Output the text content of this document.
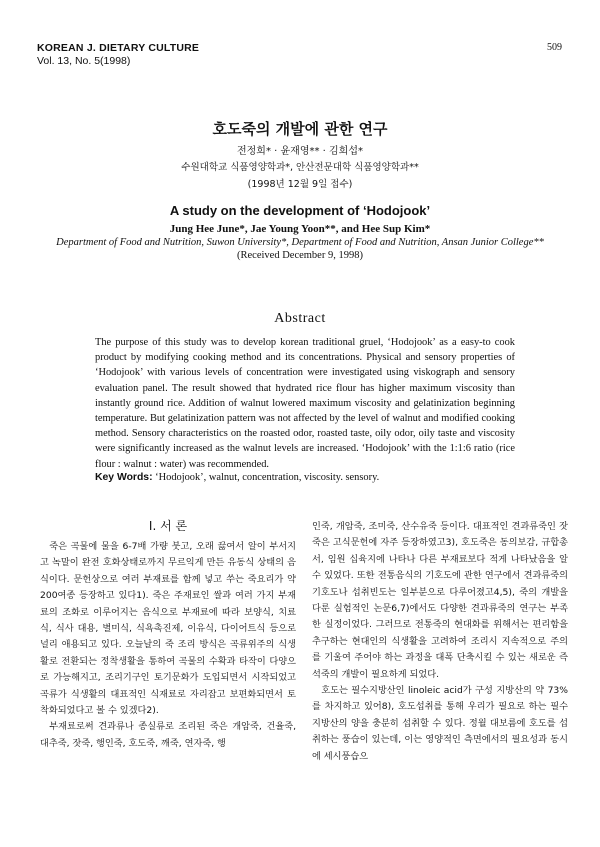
KOREAN J. DIETARY CULTURE
Vol. 13, No. 5(1998)
509
호도죽의 개발에 관한 연구
전정희* · 윤재영** · 김희섭*
수원대학교 식품영양학과*, 안산전문대학 식품영양학과**
(1998년 12월 9일 접수)
A study on the development of ‘Hodojook’
Jung Hee June*, Jae Young Yoon**, and Hee Sup Kim*
Department of Food and Nutrition, Suwon University*, Department of Food and Nutrition, Ansan Junior College**
(Received December 9, 1998)
Abstract

The purpose of this study was to develop korean traditional gruel, ‘Hodojook’ as a easy-to cook product by modifying cooking method and its concentrations. Physical and sensory properties of ‘Hodojook’ with various levels of concentration were investigated using viskograph and sensory evaluation panel. The result showed that hydrated rice flour has higher maximum viscosity than instantly ground rice. Addition of walnut lowered maximum viscosity and gelatinization beginning temperature. But gelatinization pattern was not affected by the level of walnut and modified cooking method. Sensory characteristics on the roasted odor, roasted taste, oily odor, oily taste and viscosity were significantly increased as the walnut levels are increased. ‘Hodojook’ with the 1:1:6 ratio (rice flour : walnut : water) was recommended.

Key Words: ‘Hodojook’, walnut, concentration, viscosity. sensory.
I. 서 론

죽은 곡물에 물을 6-7배 가량 붓고, 오래 끓여서 알이 부서지고 녹말이 완전 호화상태로까지 무르익게 만든 유동식 상태의 음식이다. 문헌상으로 여러 부재료를 함께 넣고 쑤는 죽요리가 약 200여종 등장하고 있다1). 죽은 주재료인 쌀과 여러 가지 부재료의 조화로 이루어지는 음식으로 부재료에 따라 보양식, 치료식, 식사 대용, 별미식, 식욕촉진제, 이유식, 다이어트식 등으로 널리 애용되고 있다. 오늘날의 죽 조리 방식은 곡류위주의 식생활로 전환되는 정착생활을 통하여 곡물의 수확과 타작이 다양으로 가능해지고, 조리기구인 토기문화가 도입되면서 시작되었고 곡류가 식생활의 대표적인 식재료로 자리잡고 보편화되면서 토착화되었다고 볼 수 있겠다2).

부재료로써 견과류나 종실류로 조리된 죽은 개암죽, 건율죽, 대추죽, 잣죽, 행인죽, 호도죽, 깨죽, 연자죽, 행

인죽, 개암죽, 조미죽, 산수유죽 등이다. 대표적인 견과류죽인 잣죽은 고식문헌에 자주 등장하였고3), 호도죽은 동의보감, 규합총서, 임원 십육지에 나타나 다른 부재료보다 적게 나타났음을 알 수 있었다. 또한 전통음식의 기호도에 관한 연구에서 견과류죽의 기호도나 섭취빈도는 일부분으로 다루어졌고4,5), 죽의 개발을 다룬 실험적인 논문6,7)에서도 다양한 견과류죽의 연구는 부족한 실정이었다. 그러므로 전통죽의 현대화를 위해서는 편리함을 추구하는 현대인의 식생활을 고려하여 조리시 지속적으로 주의를 기울여 주어야 하는 과정을 대폭 단축시킬 수 있는 새로운 즉석죽의 개발이 필요하게 되었다.

호도는 필수지방산인 linoleic acid가 구성 지방산의 약 73%를 차지하고 있어8), 호도섭취를 통해 우리가 필요로 하는 필수지방산의 양을 충분히 섭취할 수 있다. 정월 대보름에 호도를 섭취하는 풍습이 있는데, 이는 영양적인 측면에서의 필요성과 동시에 세시풍습으
